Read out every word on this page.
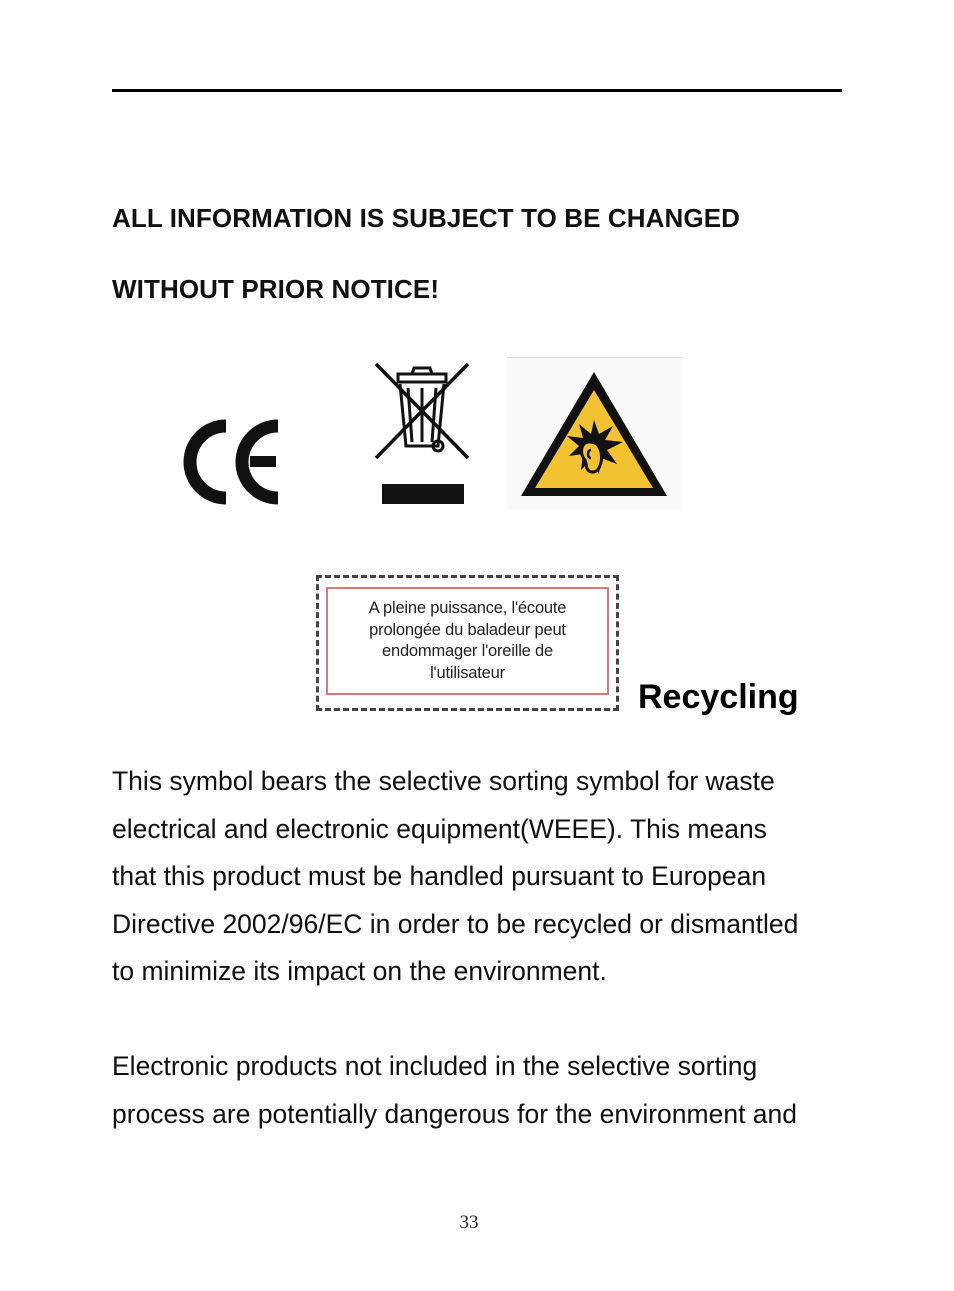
ALL INFORMATION IS SUBJECT TO BE CHANGED
WITHOUT PRIOR NOTICE!
A pleine puissance, l'écoute
prolongée du baladeur peut
endommager l'oreille de
l'utilisateur
Recycling

This symbol bears the selective sorting symbol for waste

electrical and electronic equipment(WEEE). This means

that this product must be handled pursuant to European

Directive 2002/96/EC in order to be recycled or dismantled

to minimize its impact on the environment.

Electronic products not included in the selective sorting

process are potentially dangerous for the environment and

33
